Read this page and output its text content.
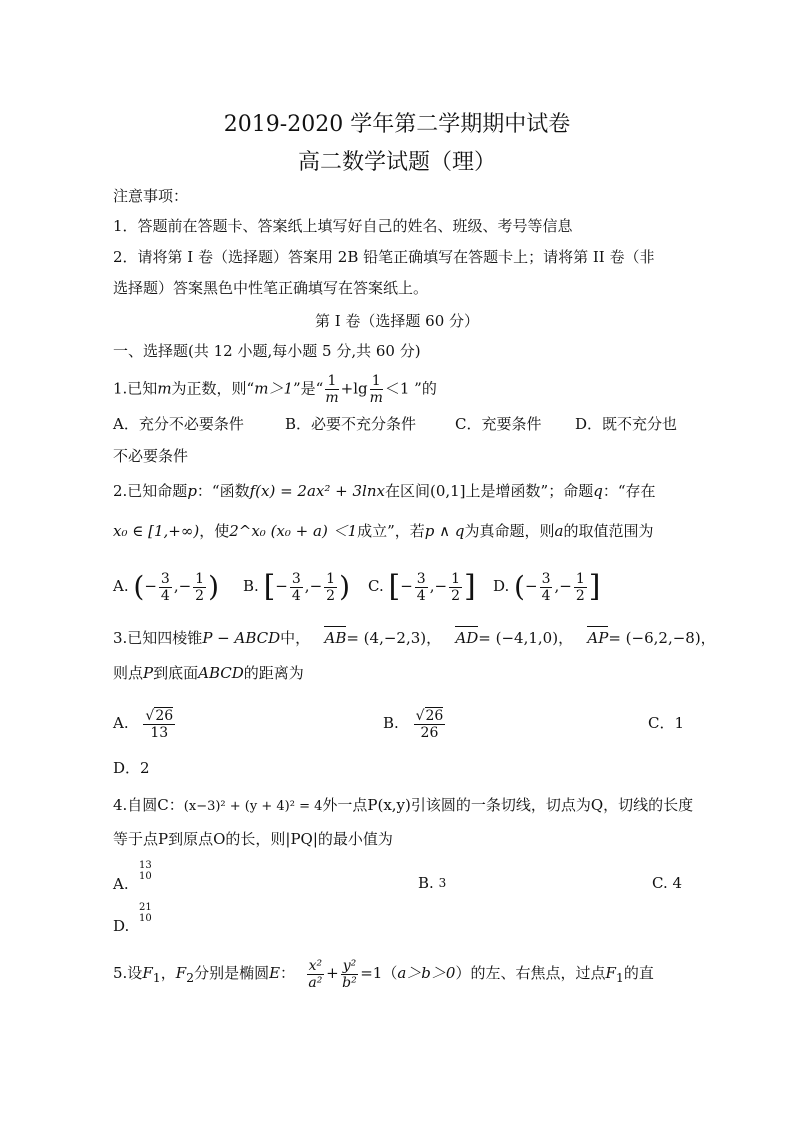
2019-2020 学年第二学期期中试卷
高二数学试题（理）
注意事项：
1．答题前在答题卡、答案纸上填写好自己的姓名、班级、考号等信息
2．请将第 I 卷（选择题）答案用 2B 铅笔正确填写在答题卡上；请将第 II 卷（非
选择题）答案黑色中性笔正确填写在答案纸上。
第 I 卷（选择题 60 分）
一、选择题(共 12 小题,每小题 5 分,共 60 分)
1.已知m为正数，则“m＞1”是“ $\frac{1}{m} +\lg \frac{1}{m} <1$ ”的
A．充分不必要条件	B．必要不充分条件	C．充要条件 D．既不充分也
不必要条件
2.已知命题p：“函数f(x) = 2ax² + 3lnx在区间(0,1]上是增函数”；命题q：“存在
x₀ ∈ [1,+∞)，使2^x₀ (x₀ + a) ＜1成立”，若p ∧ q为真命题，则a的取值范围为
A. (− $\frac{3}{4}$ ,− $\frac{1}{2}$ ) B. [− $\frac{3}{4}$ ,− $\frac{1}{2}$ ) C. [− $\frac{3}{4}$ ,− $\frac{1}{2}$ ] D. (− $\frac{3}{4}$ ,− $\frac{1}{2}$ ]
3.已知四棱锥P − ABCD中， AB= (4,−2,3)， AD= (−4,1,0)， AP= (−6,2,−8)，
则点P到底面ABCD的距离为
A. $\frac{√26}{13}$	B. $\frac{√26}{26}$	C．1
D．2
4.自圆C：(x−3)² + (y + 4)² = 4外一点P(x,y)引该圆的一条切线，切点为Q，切线的长度
等于点P到原点O的长，则|PQ|的最小值为
A.
13
10	B. $^3$	C. 4
D.
21
10
5.设$F_1$，$F_2$分别是椭圆E： $\frac{\text{x²}}{\text{a²}} + \frac{\text{y²}}{\text{b²}} =1(a>b>0)$的左、右焦点，过点$F_1$的直
